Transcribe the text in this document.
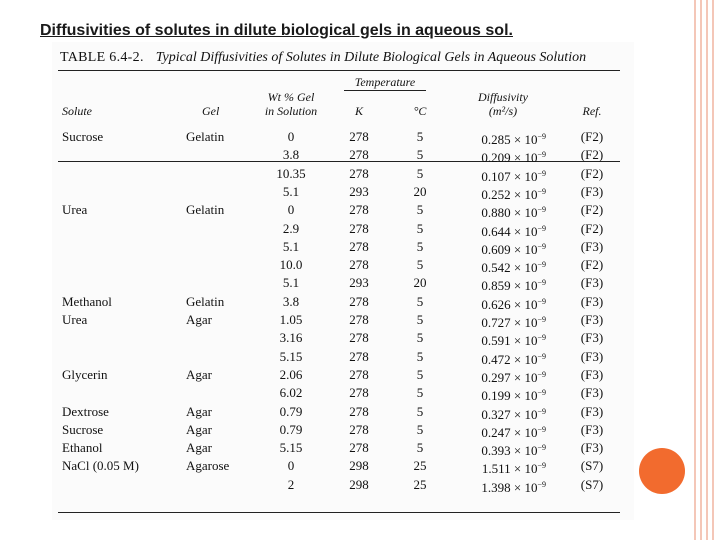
Diffusivities of solutes in dilute biological gels in aqueous sol.
TABLE 6.4-2. Typical Diffusivities of Solutes in Dilute Biological Gels in Aqueous Solution
Temperature
Solute	Gel
Wt % Gel
in Solution	K	°C
Diffusivity
(m²/s)	Ref.
Sucrose	Gelatin	0	278	5	$0.285 \times 10^{-9}$	(F2)
3.8	278	5	$0.209 \times 10^{-9}$	(F2)
10.35	278	5	$0.107 \times 10^{-9}$	(F2)
5.1	293	20	$0.252 \times 10^{-9}$	(F3)
Urea	Gelatin	0	278	5	$0.880 \times 10^{-9}$	(F2)
2.9	278	5	$0.644 \times 10^{-9}$	(F2)
5.1	278	5	$0.609 \times 10^{-9}$	(F3)
10.0	278	5	$0.542 \times 10^{-9}$	(F2)
5.1	293	20	$0.859 \times 10^{-9}$	(F3)
Methanol	Gelatin	3.8	278	5	$0.626 \times 10^{-9}$	(F3)
Urea	Agar	1.05	278	5	$0.727 \times 10^{-9}$	(F3)
3.16	278	5	$0.591 \times 10^{-9}$	(F3)
5.15	278	5	$0.472 \times 10^{-9}$	(F3)
Glycerin	Agar	2.06	278	5	$0.297 \times 10^{-9}$	(F3)
6.02	278	5	$0.199 \times 10^{-9}$	(F3)
Dextrose	Agar	0.79	278	5	$0.327 \times 10^{-9}$	(F3)
Sucrose	Agar	0.79	278	5	$0.247 \times 10^{-9}$	(F3)
Ethanol	Agar	5.15	278	5	$0.393 \times 10^{-9}$	(F3)
NaCl (0.05 M)	Agarose	0	298	25	$1.511 \times 10^{-9}$	(S7)
2	298	25	$1.398 \times 10^{-9}$	(S7)
